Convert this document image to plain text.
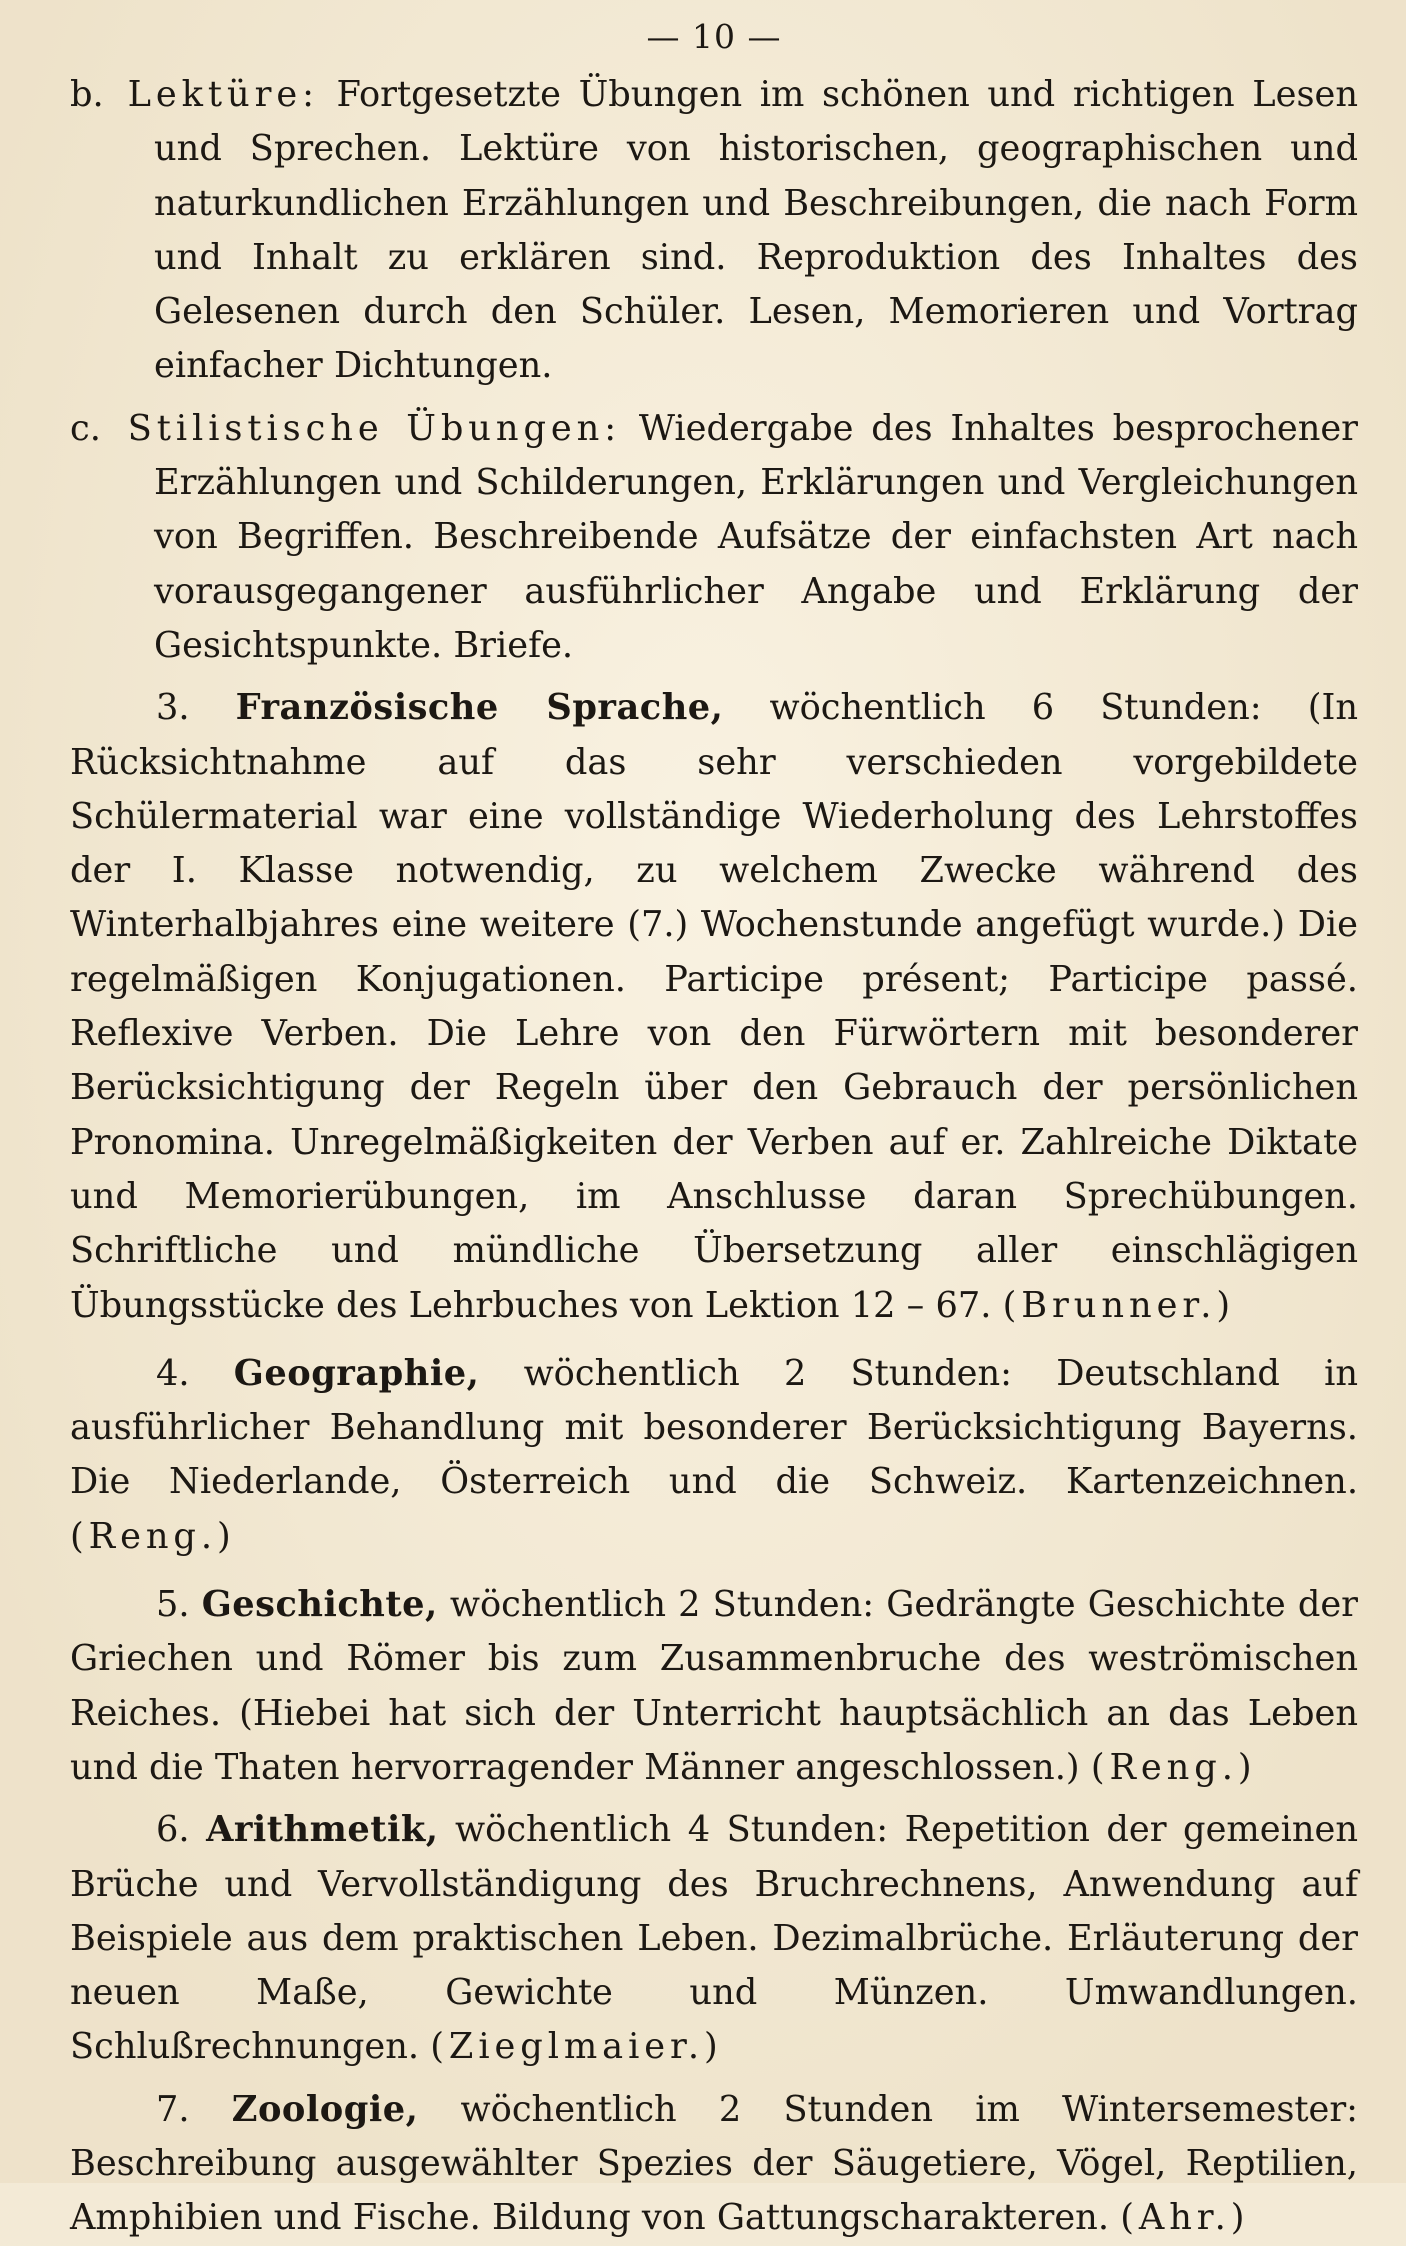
— 10 —

b. Lektüre: Fortgesetzte Übungen im schönen und richtigen Lesen und Sprechen. Lektüre von historischen, geographischen und naturkundlichen Erzählungen und Beschreibungen, die nach Form und Inhalt zu erklären sind. Reproduktion des Inhaltes des Gelesenen durch den Schüler. Lesen, Memorieren und Vortrag einfacher Dichtungen.

c. Stilistische Übungen: Wiedergabe des Inhaltes besprochener Erzählungen und Schilderungen, Erklärungen und Vergleichungen von Begriffen. Beschreibende Aufsätze der einfachsten Art nach vorausgegangener ausführlicher Angabe und Erklärung der Gesichtspunkte. Briefe.

3. Französische Sprache, wöchentlich 6 Stunden: (In Rücksichtnahme auf das sehr verschieden vorgebildete Schülermaterial war eine vollständige Wiederholung des Lehrstoffes der I. Klasse notwendig, zu welchem Zwecke während des Winterhalbjahres eine weitere (7.) Wochenstunde angefügt wurde.) Die regelmäßigen Konjugationen. Participe présent; Participe passé. Reflexive Verben. Die Lehre von den Fürwörtern mit besonderer Berücksichtigung der Regeln über den Gebrauch der persönlichen Pronomina. Unregelmäßigkeiten der Verben auf er. Zahlreiche Diktate und Memorierübungen, im Anschlusse daran Sprechübungen. Schriftliche und mündliche Übersetzung aller einschlägigen Übungsstücke des Lehrbuches von Lektion 12 – 67. (Brunner.)

4. Geographie, wöchentlich 2 Stunden: Deutschland in ausführlicher Behandlung mit besonderer Berücksichtigung Bayerns. Die Niederlande, Österreich und die Schweiz. Kartenzeichnen. (Reng.)

5. Geschichte, wöchentlich 2 Stunden: Gedrängte Geschichte der Griechen und Römer bis zum Zusammenbruche des weströmischen Reiches. (Hiebei hat sich der Unterricht hauptsächlich an das Leben und die Thaten hervorragender Männer angeschlossen.) (Reng.)

6. Arithmetik, wöchentlich 4 Stunden: Repetition der gemeinen Brüche und Vervollständigung des Bruchrechnens, Anwendung auf Beispiele aus dem praktischen Leben. Dezimalbrüche. Erläuterung der neuen Maße, Gewichte und Münzen. Umwandlungen. Schlußrechnungen. (Zieglmaier.)

7. Zoologie, wöchentlich 2 Stunden im Wintersemester: Beschreibung ausgewählter Spezies der Säugetiere, Vögel, Reptilien, Amphibien und Fische. Bildung von Gattungscharakteren. (Ahr.)
